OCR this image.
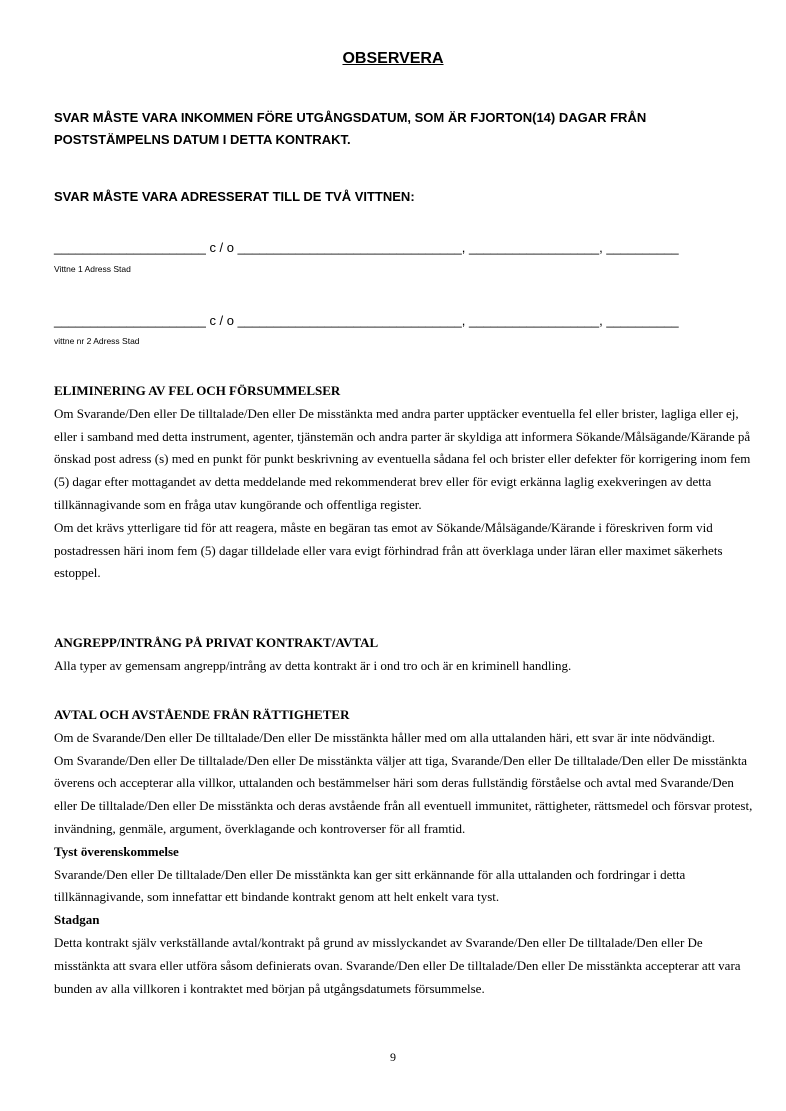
OBSERVERA
SVAR MÅSTE VARA INKOMMEN FÖRE UTGÅNGSDATUM, SOM ÄR FJORTON(14) DAGAR FRÅN POSTSTÄMPELNS DATUM I DETTA KONTRAKT.
SVAR MÅSTE VARA ADRESSERAT TILL DE TVÅ VITTNEN:
_____________________ c / o _______________________________, __________________, __________
Vittne 1 Adress Stad
_____________________ c / o _______________________________, __________________, __________
vittne nr 2 Adress Stad
ELIMINERING AV FEL OCH FÖRSUMMELSER

Om Svarande/Den eller De tilltalade/Den eller De misstänkta med andra parter upptäcker eventuella fel eller brister, lagliga eller ej, eller i samband med detta instrument, agenter, tjänstemän och andra parter är skyldiga att informera Sökande/Målsägande/Kärande på önskad post adress (s) med en punkt för punkt beskrivning av eventuella sådana fel och brister eller defekter för korrigering inom fem (5) dagar efter mottagandet av detta meddelande med rekommenderat brev eller för evigt erkänna laglig exekveringen av detta tillkännagivande som en fråga utav kungörande och offentliga register.

Om det krävs ytterligare tid för att reagera, måste en begäran tas emot av Sökande/Målsägande/Kärande i föreskriven form vid postadressen häri inom fem (5) dagar tilldelade eller vara evigt förhindrad från att överklaga under läran eller maximet säkerhets estoppel.

ANGREPP/INTRÅNG PÅ PRIVAT KONTRAKT/AVTAL

Alla typer av gemensam angrepp/intrång av detta kontrakt är i ond tro och är en kriminell handling.

AVTAL OCH AVSTÅENDE FRÅN RÄTTIGHETER

Om de Svarande/Den eller De tilltalade/Den eller De misstänkta håller med om alla uttalanden häri, ett svar är inte nödvändigt.

Om Svarande/Den eller De tilltalade/Den eller De misstänkta väljer att tiga, Svarande/Den eller De tilltalade/Den eller De misstänkta överens och accepterar alla villkor, uttalanden och bestämmelser häri som deras fullständig förståelse och avtal med Svarande/Den eller De tilltalade/Den eller De misstänkta och deras avstående från all eventuell immunitet, rättigheter, rättsmedel och försvar protest, invändning, genmäle, argument, överklagande och kontroverser för all framtid.

Tyst överenskommelse

Svarande/Den eller De tilltalade/Den eller De misstänkta kan ger sitt erkännande för alla uttalanden och fordringar i detta tillkännagivande, som innefattar ett bindande kontrakt genom att helt enkelt vara tyst.

Stadgan

Detta kontrakt själv verkställande avtal/kontrakt på grund av misslyckandet av Svarande/Den eller De tilltalade/Den eller De misstänkta att svara eller utföra såsom definierats ovan. Svarande/Den eller De tilltalade/Den eller De misstänkta accepterar att vara bunden av alla villkoren i kontraktet med början på utgångsdatumets försummelse.

9
